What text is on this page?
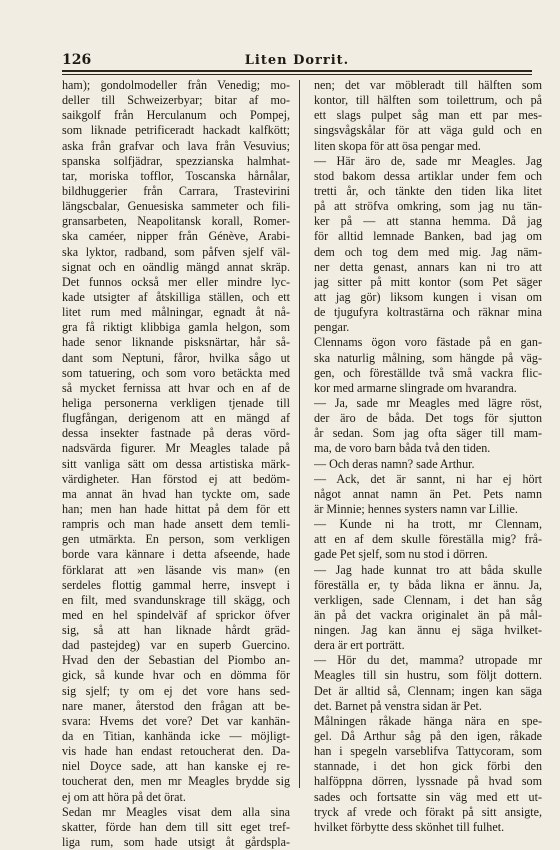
126	Liten Dorrit.
ham); gondolmodeller från Venedig; mo-
deller till Schweizerbyar; bitar af mo-
saikgolf från Herculanum och Pompej,
som liknade petrificeradt hackadt kalfkött;
aska från grafvar och lava från Vesuvius;
spanska solfjädrar, spezzianska halmhat-
tar, moriska tofflor, Toscanska hårnålar,
bildhuggerier från Carrara, Trastevirini
längscbalar, Genuesiska sammeter och fili-
gransarbeten, Neapolitansk korall, Romer-
ska caméer, nipper från Génève, Arabi-
ska lyktor, radband, som påfven sjelf väl-
signat och en oändlig mängd annat skräp.
Det funnos också mer eller mindre lyc-
kade utsigter af åtskilliga ställen, och ett
litet rum med målningar, egnadt åt nå-
gra få riktigt klibbiga gamla helgon, som
hade senor liknande pisksnärtar, hår så-
dant som Neptuni, fåror, hvilka sågo ut
som tatuering, och som voro betäckta med
så mycket fernissa att hvar och en af de
heliga personerna verkligen tjenade till
flugfångan, derigenom att en mängd af
dessa insekter fastnade på deras vörd-
nadsvärda figurer. Mr Meagles talade på
sitt vanliga sätt om dessa artistiska märk-
värdigheter. Han förstod ej att bedöm-
ma annat än hvad han tyckte om, sade
han; men han hade hittat på dem för ett
rampris och man hade ansett dem temli-
gen utmärkta. En person, som verkligen
borde vara kännare i detta afseende, hade
förklarat att »en läsande vis man» (en
serdeles flottig gammal herre, insvept i
en filt, med svandunskrage till skägg, och
med en hel spindelväf af sprickor öfver
sig, så att han liknade hårdt gräd-
dad pastejdeg) var en superb Guercino.
Hvad den der Sebastian del Piombo an-
gick, så kunde hvar och en dömma för
sig sjelf; ty om ej det vore hans sed-
nare maner, återstod den frågan att be-
svara: Hvems det vore? Det var kanhän-
da en Titian, kanhända icke — möjligt-
vis hade han endast retoucherat den. Da-
niel Doyce sade, att han kanske ej re-
toucherat den, men mr Meagles brydde sig
ej om att höra på det örat.
Sedan mr Meagles visat dem alla sina
skatter, förde han dem till sitt eget tref-
liga rum, som hade utsigt åt gårdspla-
nen; det var möbleradt till hälften som
kontor, till hälften som toilettrum, och på
ett slags pulpet såg man ett par mes-
singsvågskålar för att väga guld och en
liten skopa för att ösa pengar med.
— Här äro de, sade mr Meagles. Jag
stod bakom dessa artiklar under fem och
tretti år, och tänkte den tiden lika litet
på att ströfva omkring, som jag nu tän-
ker på — att stanna hemma. Då jag
för alltid lemnade Banken, bad jag om
dem och tog dem med mig. Jag näm-
ner detta genast, annars kan ni tro att
jag sitter på mitt kontor (som Pet säger
att jag gör) liksom kungen i visan om
de tjugufyra koltrastärna och räknar mina
pengar.
Clennams ögon voro fästade på en gan-
ska naturlig målning, som hängde på väg-
gen, och föreställde två små vackra flic-
kor med armarne slingrade om hvarandra.
— Ja, sade mr Meagles med lägre röst,
der äro de båda. Det togs för sjutton
år sedan. Som jag ofta säger till mam-
ma, de voro barn båda två den tiden.
— Och deras namn? sade Arthur.
— Ack, det är sannt, ni har ej hört
något annat namn än Pet. Pets namn
är Minnie; hennes systers namn var Lillie.
— Kunde ni ha trott, mr Clennam,
att en af dem skulle föreställa mig? frå-
gade Pet sjelf, som nu stod i dörren.
— Jag hade kunnat tro att båda skulle
föreställa er, ty båda likna er ännu. Ja,
verkligen, sade Clennam, i det han såg
än på det vackra originalet än på mål-
ningen. Jag kan ännu ej säga hvilket-
dera är ert porträtt.
— Hör du det, mamma? utropade mr
Meagles till sin hustru, som följt dottern.
Det är alltid så, Clennam; ingen kan säga
det. Barnet på venstra sidan är Pet.
Målningen råkade hänga nära en spe-
gel. Då Arthur såg på den igen, råkade
han i spegeln varseblifva Tattycoram, som
stannade, i det hon gick förbi den
halföppna dörren, lyssnade på hvad som
sades och fortsatte sin väg med ett ut-
tryck af vrede och förakt på sitt ansigte,
hvilket förbytte dess skönhet till fulhet.
